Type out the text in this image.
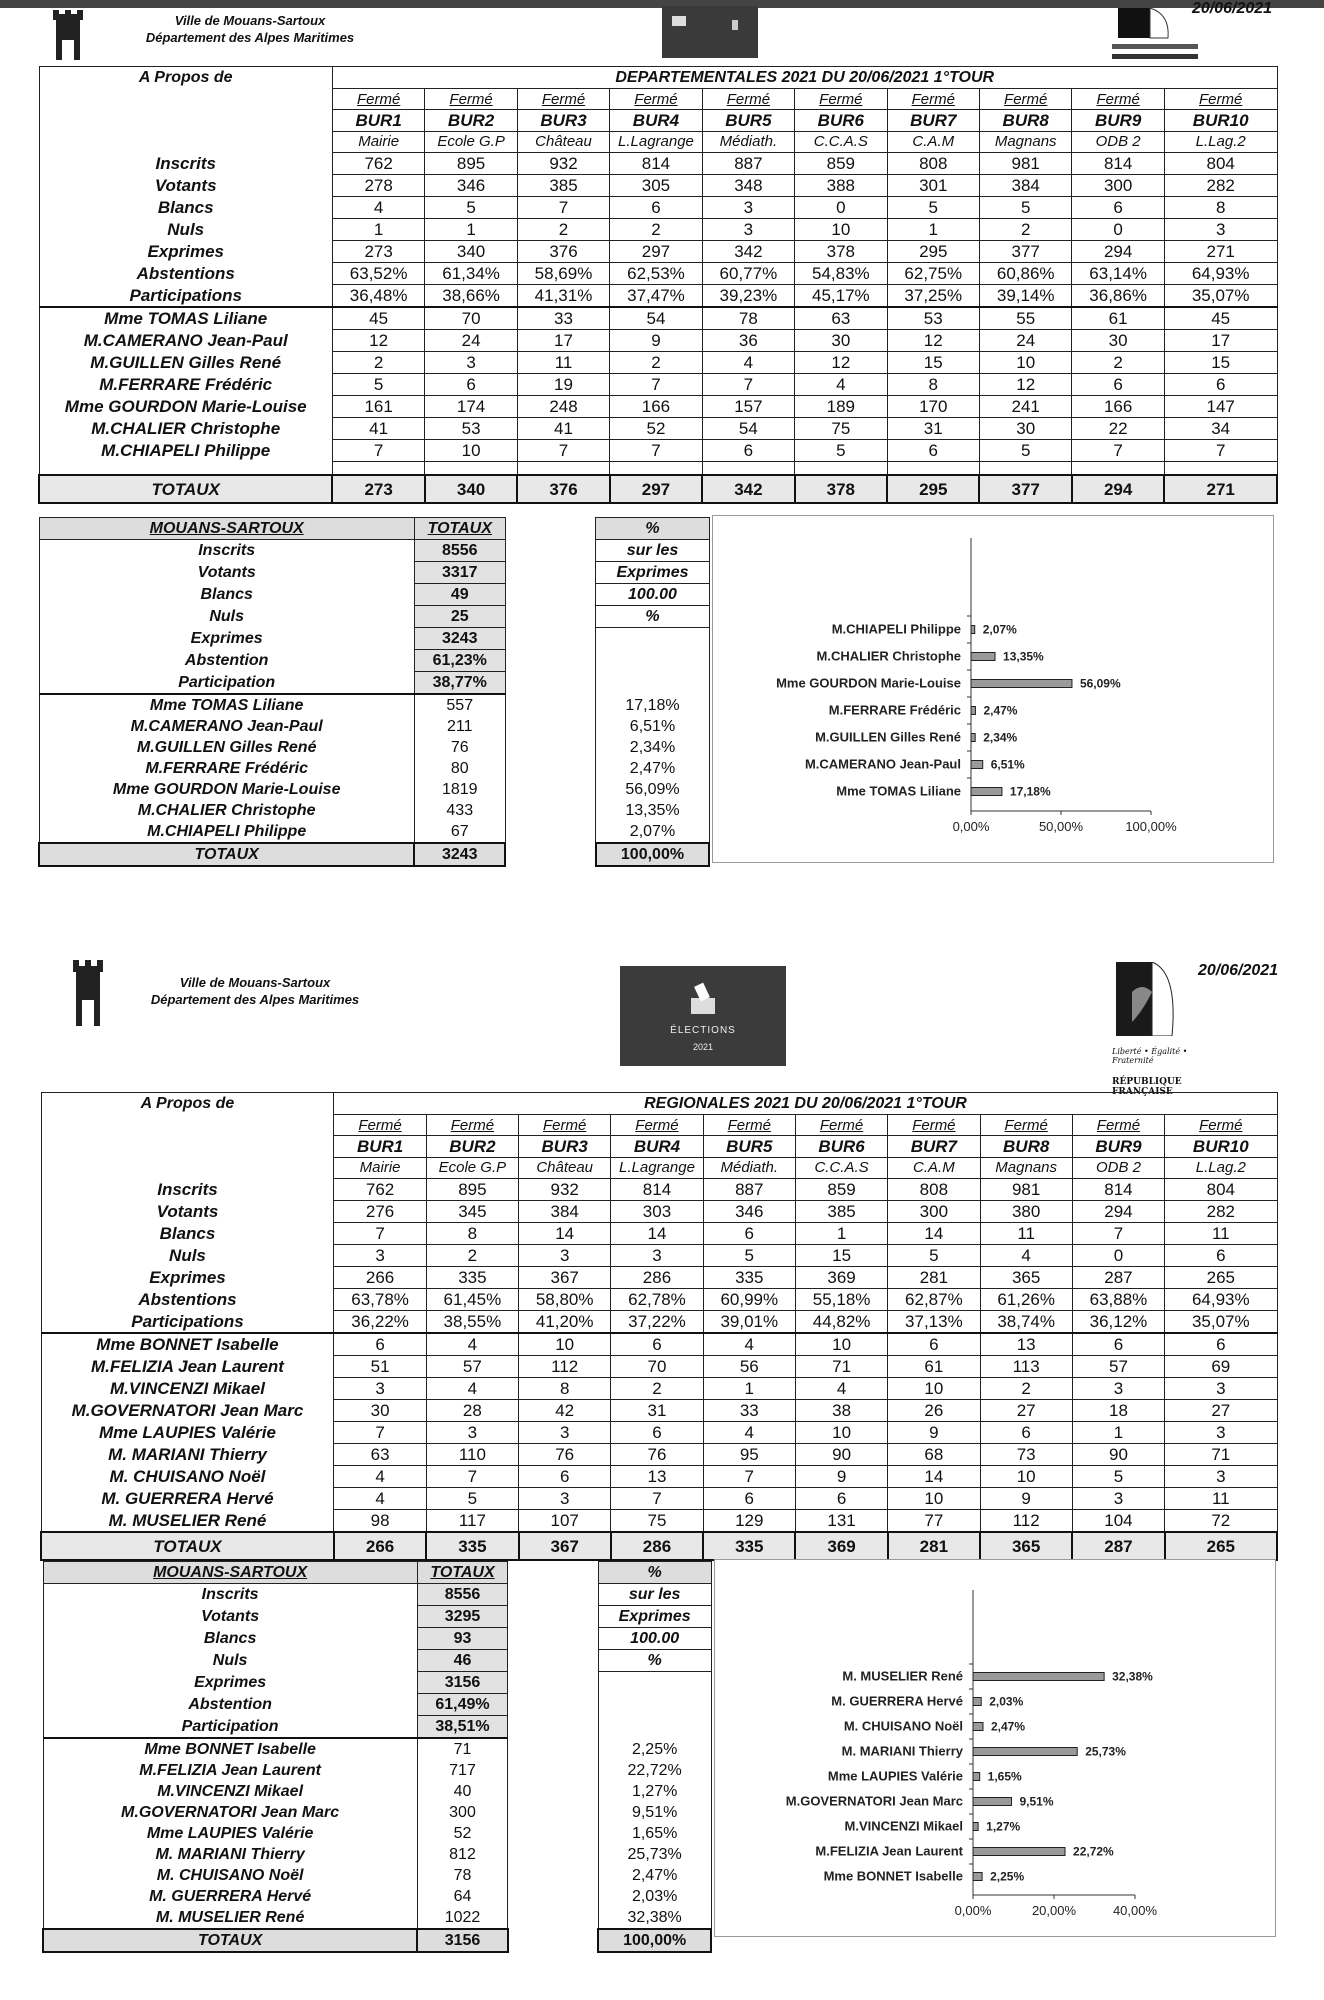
Ville de Mouans-Sartoux
Département des Alpes Maritimes
20/06/2021
A Propos de	DEPARTEMENTALES 2021 DU 20/06/2021 1°TOUR									
	Fermé	Fermé	Fermé	Fermé	Fermé	Fermé	Fermé	Fermé	Fermé	Fermé
	BUR1	BUR2	BUR3	BUR4	BUR5	BUR6	BUR7	BUR8	BUR9	BUR10
	Mairie	Ecole G.P	Château	L.Lagrange	Médiath.	C.C.A.S	C.A.M	Magnans	ODB 2	L.Lag.2
Inscrits	762	895	932	814	887	859	808	981	814	804
Votants	278	346	385	305	348	388	301	384	300	282
Blancs	4	5	7	6	3	0	5	5	6	8
Nuls	1	1	2	2	3	10	1	2	0	3
Exprimes	273	340	376	297	342	378	295	377	294	271
Abstentions	63,52%	61,34%	58,69%	62,53%	60,77%	54,83%	62,75%	60,86%	63,14%	64,93%
Participations	36,48%	38,66%	41,31%	37,47%	39,23%	45,17%	37,25%	39,14%	36,86%	35,07%
Mme TOMAS Liliane	45	70	33	54	78	63	53	55	61	45
M.CAMERANO Jean-Paul	12	24	17	9	36	30	12	24	30	17
M.GUILLEN Gilles René	2	3	11	2	4	12	15	10	2	15
M.FERRARE Frédéric	5	6	19	7	7	4	8	12	6	6
Mme GOURDON Marie-Louise	161	174	248	166	157	189	170	241	166	147
M.CHALIER Christophe	41	53	41	52	54	75	31	30	22	34
M.CHIAPELI Philippe	7	10	7	7	6	5	6	5	7	7

TOTAUX	273	340	376	297	342	378	295	377	294	271
MOUANS-SARTOUX	TOTAUX		%
Inscrits	8556		sur les
Votants	3317		Exprimes
Blancs	49		100.00
Nuls	25		%
Exprimes	3243		
Abstention	61,23%		
Participation	38,77%		
Mme TOMAS Liliane	557		17,18%
M.CAMERANO Jean-Paul	211		6,51%
M.GUILLEN Gilles René	76		2,34%
M.FERRARE Frédéric	80		2,47%
Mme GOURDON Marie-Louise	1819		56,09%
M.CHALIER Christophe	433		13,35%
M.CHIAPELI Philippe	67		2,07%
TOTAUX	3243		100,00%
M.CHIAPELI Philippe 2,07%
M.CHALIER Christophe	13,35%
Mme GOURDON Marie-Louise	56,09%
M.FERRARE Frédéric 2,47%
M.GUILLEN Gilles René 2,34%
M.CAMERANO Jean-Paul 6,51%
Mme TOMAS Liliane	17,18%
0,00%	50,00%	100,00%
Ville de Mouans-Sartoux
Département des Alpes Maritimes
ÉLECTIONS
2021	Liberté • Égalité • Fraternité
RÉPUBLIQUE FRANÇAISE
20/06/2021
A Propos de	REGIONALES 2021 DU 20/06/2021 1°TOUR									
	Fermé	Fermé	Fermé	Fermé	Fermé	Fermé	Fermé	Fermé	Fermé	Fermé
	BUR1	BUR2	BUR3	BUR4	BUR5	BUR6	BUR7	BUR8	BUR9	BUR10
	Mairie	Ecole G.P	Château	L.Lagrange	Médiath.	C.C.A.S	C.A.M	Magnans	ODB 2	L.Lag.2
Inscrits	762	895	932	814	887	859	808	981	814	804
Votants	276	345	384	303	346	385	300	380	294	282
Blancs	7	8	14	14	6	1	14	11	7	11
Nuls	3	2	3	3	5	15	5	4	0	6
Exprimes	266	335	367	286	335	369	281	365	287	265
Abstentions	63,78%	61,45%	58,80%	62,78%	60,99%	55,18%	62,87%	61,26%	63,88%	64,93%
Participations	36,22%	38,55%	41,20%	37,22%	39,01%	44,82%	37,13%	38,74%	36,12%	35,07%
Mme BONNET Isabelle	6	4	10	6	4	10	6	13	6	6
M.FELIZIA Jean Laurent	51	57	112	70	56	71	61	113	57	69
M.VINCENZI Mikael	3	4	8	2	1	4	10	2	3	3
M.GOVERNATORI Jean Marc	30	28	42	31	33	38	26	27	18	27
Mme LAUPIES Valérie	7	3	3	6	4	10	9	6	1	3
M. MARIANI Thierry	63	110	76	76	95	90	68	73	90	71
M. CHUISANO Noël	4	7	6	13	7	9	14	10	5	3
M. GUERRERA Hervé	4	5	3	7	6	6	10	9	3	11
M. MUSELIER René	98	117	107	75	129	131	77	112	104	72
TOTAUX	266	335	367	286	335	369	281	365	287	265
MOUANS-SARTOUX	TOTAUX		%
Inscrits	8556		sur les
Votants	3295		Exprimes
Blancs	93		100.00
Nuls	46		%
Exprimes	3156		
Abstention	61,49%		
Participation	38,51%		
Mme BONNET Isabelle	71		2,25%
M.FELIZIA Jean Laurent	717		22,72%
M.VINCENZI Mikael	40		1,27%
M.GOVERNATORI Jean Marc	300		9,51%
Mme LAUPIES Valérie	52		1,65%
M. MARIANI Thierry	812		25,73%
M. CHUISANO Noël	78		2,47%
M. GUERRERA Hervé	64		2,03%
M. MUSELIER René	1022		32,38%
TOTAUX	3156		100,00%
M. MUSELIER René	32,38%
M. GUERRERA Hervé 2,03%
M. CHUISANO Noël 2,47%
M. MARIANI Thierry	25,73%
Mme LAUPIES Valérie 1,65%
M.GOVERNATORI Jean Marc	9,51%
M.VINCENZI Mikael 1,27%
M.FELIZIA Jean Laurent	22,72%
Mme BONNET Isabelle 2,25%
0,00%	20,00%	40,00%
